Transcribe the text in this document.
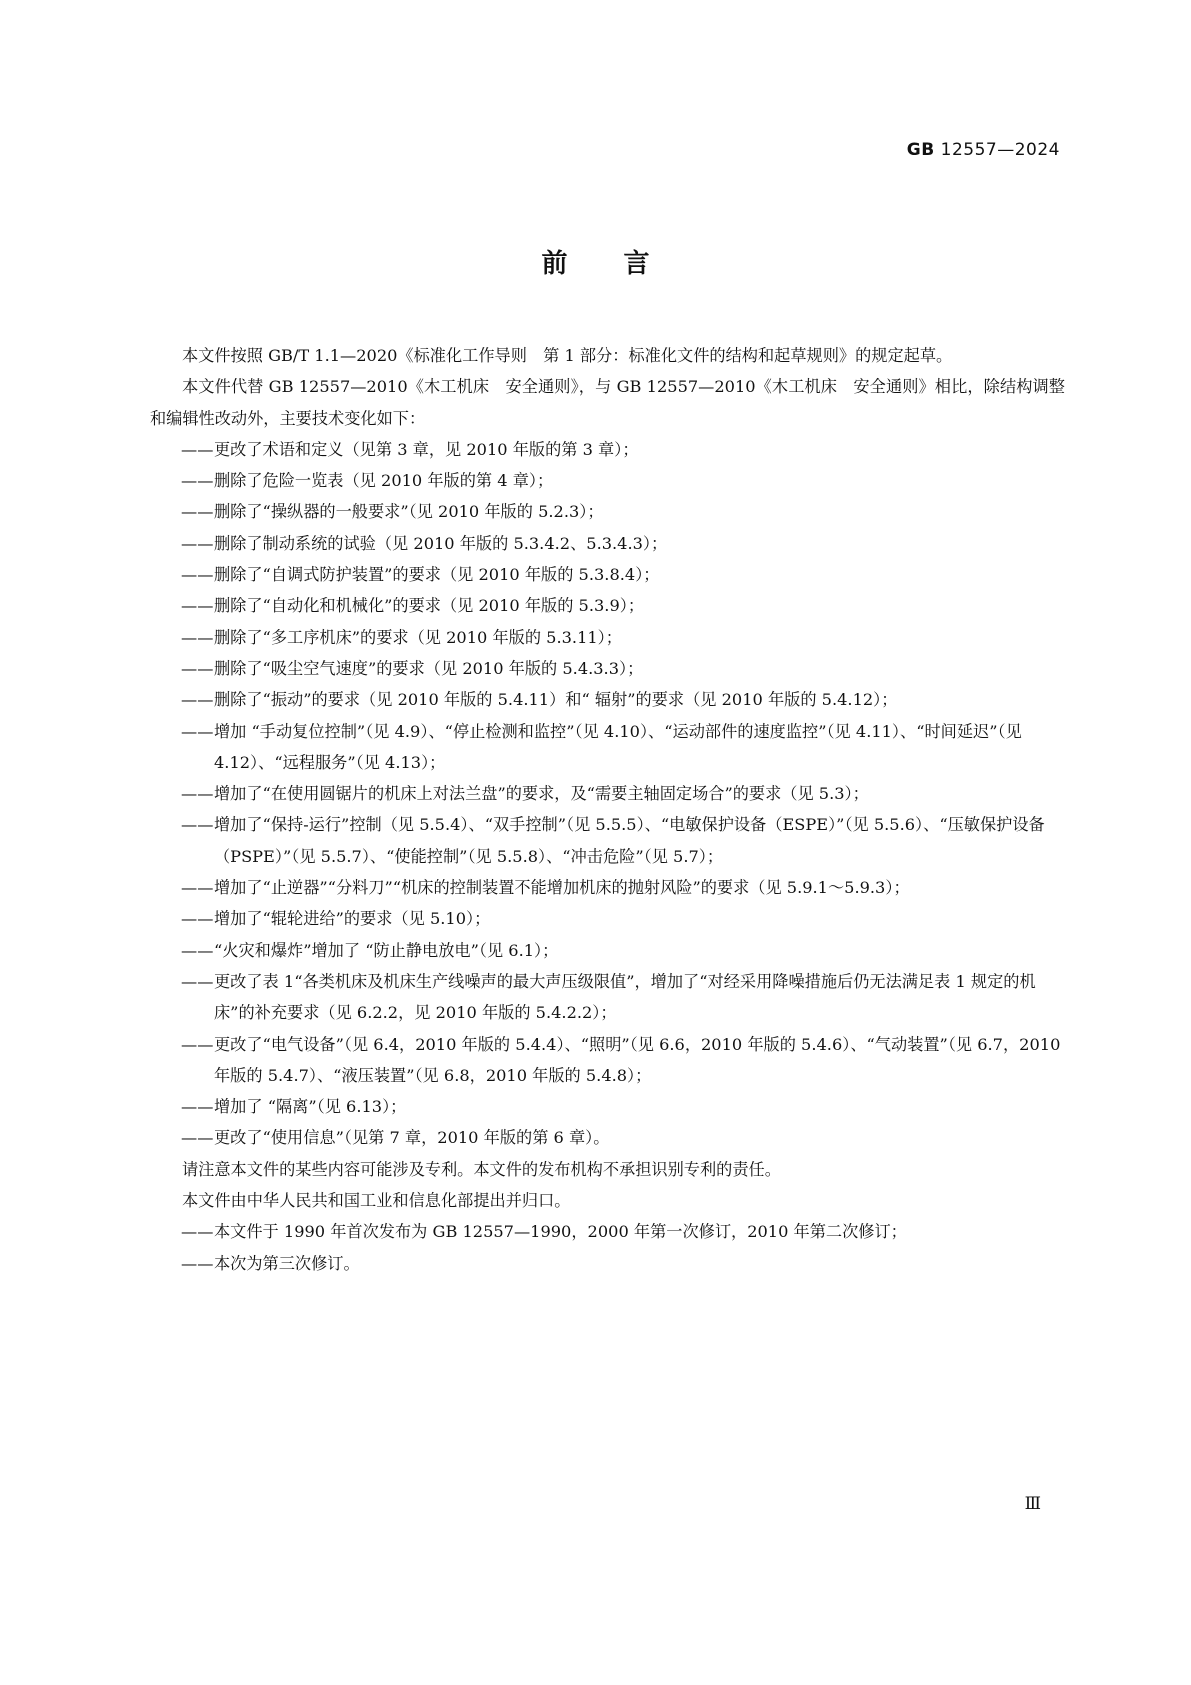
GB 12557—2024
前言

本文件按照 GB/T 1.1—2020《标准化工作导则　第 1 部分：标准化文件的结构和起草规则》的规定起草。

本文件代替 GB 12557—2010《木工机床　安全通则》，与 GB 12557—2010《木工机床　安全通则》相比，除结构调整和编辑性改动外，主要技术变化如下：

—— 更改了术语和定义（见第 3 章，见 2010 年版的第 3 章）；

—— 删除了危险一览表（见 2010 年版的第 4 章）；

—— 删除了“操纵器的一般要求”（见 2010 年版的 5.2.3）；

—— 删除了制动系统的试验（见 2010 年版的 5.3.4.2、5.3.4.3）；

—— 删除了“自调式防护装置”的要求（见 2010 年版的 5.3.8.4）；

—— 删除了“自动化和机械化”的要求（见 2010 年版的 5.3.9）；

—— 删除了“多工序机床”的要求（见 2010 年版的 5.3.11）；

—— 删除了“吸尘空气速度”的要求（见 2010 年版的 5.4.3.3）；

—— 删除了“振动”的要求（见 2010 年版的 5.4.11）和“ 辐射”的要求（见 2010 年版的 5.4.12）；

—— 增加 “手动复位控制”（见 4.9）、“停止检测和监控”（见 4.10）、“运动部件的速度监控”（见 4.11）、“时间延迟”（见 4.12）、“远程服务”（见 4.13）；

—— 增加了“在使用圆锯片的机床上对法兰盘”的要求，及“需要主轴固定场合”的要求（见 5.3）；

—— 增加了“保持-运行”控制（见 5.5.4）、“双手控制”（见 5.5.5）、“电敏保护设备（ESPE）”（见 5.5.6）、“压敏保护设备（PSPE）”（见 5.5.7）、“使能控制”（见 5.5.8）、“冲击危险”（见 5.7）；

—— 增加了“止逆器”“分料刀”“机床的控制装置不能增加机床的抛射风险”的要求（见 5.9.1～5.9.3）；

—— 增加了“辊轮进给”的要求（见 5.10）；

—— “火灾和爆炸”增加了 “防止静电放电”（见 6.1）；

—— 更改了表 1“各类机床及机床生产线噪声的最大声压级限值”，增加了“对经采用降噪措施后仍无法满足表 1 规定的机床”的补充要求（见 6.2.2，见 2010 年版的 5.4.2.2）；

—— 更改了“电气设备”（见 6.4，2010 年版的 5.4.4）、“照明”（见 6.6，2010 年版的 5.4.6）、“气动装置”（见 6.7，2010 年版的 5.4.7）、“液压装置”（见 6.8，2010 年版的 5.4.8）；

—— 增加了 “隔离”（见 6.13）；

—— 更改了“使用信息”（见第 7 章，2010 年版的第 6 章）。

请注意本文件的某些内容可能涉及专利。本文件的发布机构不承担识别专利的责任。

本文件由中华人民共和国工业和信息化部提出并归口。

—— 本文件于 1990 年首次发布为 GB 12557—1990，2000 年第一次修订，2010 年第二次修订；

—— 本次为第三次修订。

Ⅲ
